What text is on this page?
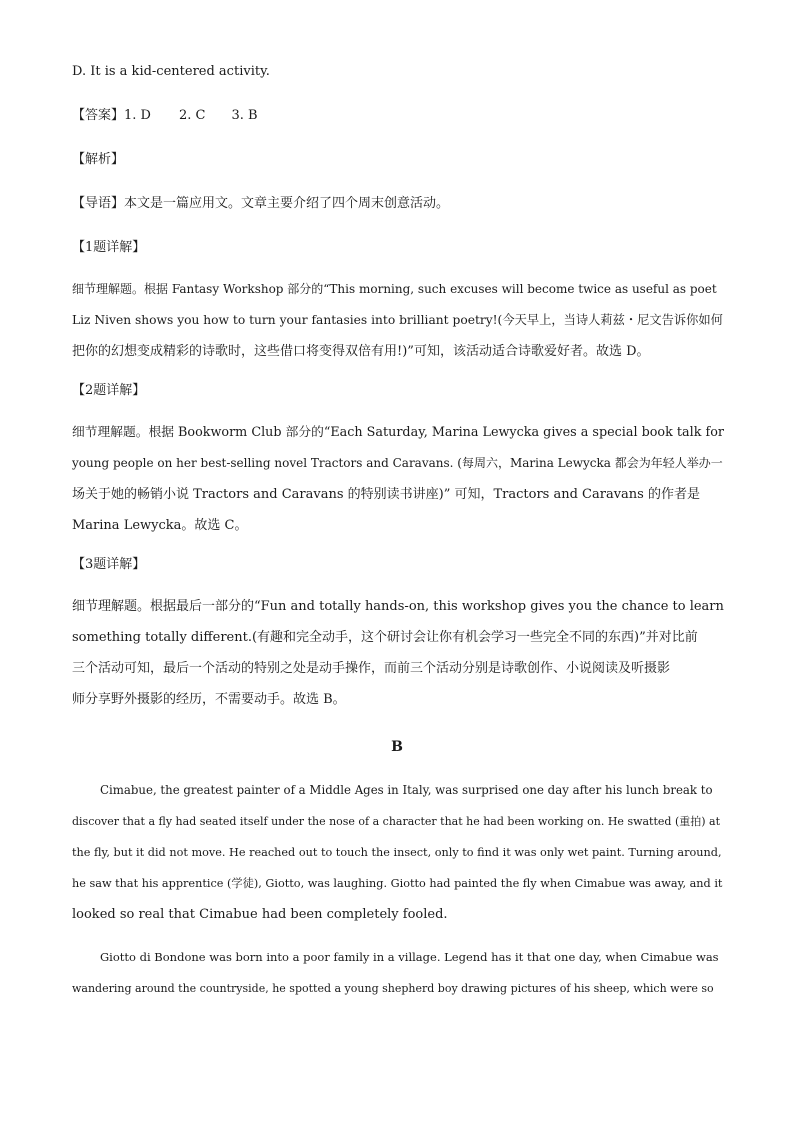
D. It is a kid-centered activity.

【答案】1. D 2. C 3. B

【解析】

【导语】本文是一篇应用文。文章主要介绍了四个周末创意活动。

【1题详解】

细节理解题。根据 Fantasy Workshop 部分的“This morning, such excuses will become twice as useful as poet

Liz Niven shows you how to turn your fantasies into brilliant poetry!(今天早上，当诗人莉兹・尼文告诉你如何

把你的幻想变成精彩的诗歌时，这些借口将变得双倍有用!)”可知，该活动适合诗歌爱好者。故选 D。

【2题详解】

细节理解题。根据 Bookworm Club 部分的“Each Saturday, Marina Lewycka gives a special book talk for

young people on her best-selling novel Tractors and Caravans. (每周六，Marina Lewycka 都会为年轻人举办一

场关于她的畅销小说 Tractors and Caravans 的特别读书讲座)” 可知，Tractors and Caravans 的作者是

Marina Lewycka。故选 C。

【3题详解】

细节理解题。根据最后一部分的“Fun and totally hands-on, this workshop gives you the chance to learn

something totally different.(有趣和完全动手，这个研讨会让你有机会学习一些完全不同的东西)”并对比前

三个活动可知，最后一个活动的特别之处是动手操作，而前三个活动分别是诗歌创作、小说阅读及听摄影

师分享野外摄影的经历，不需要动手。故选 B。

B

Cimabue, the greatest painter of a Middle Ages in Italy, was surprised one day after his lunch break to

discover that a fly had seated itself under the nose of a character that he had been working on. He swatted (重拍) at

the fly, but it did not move. He reached out to touch the insect, only to find it was only wet paint. Turning around,

he saw that his apprentice (学徒), Giotto, was laughing. Giotto had painted the fly when Cimabue was away, and it

looked so real that Cimabue had been completely fooled.

Giotto di Bondone was born into a poor family in a village. Legend has it that one day, when Cimabue was

wandering around the countryside, he spotted a young shepherd boy drawing pictures of his sheep, which were so
